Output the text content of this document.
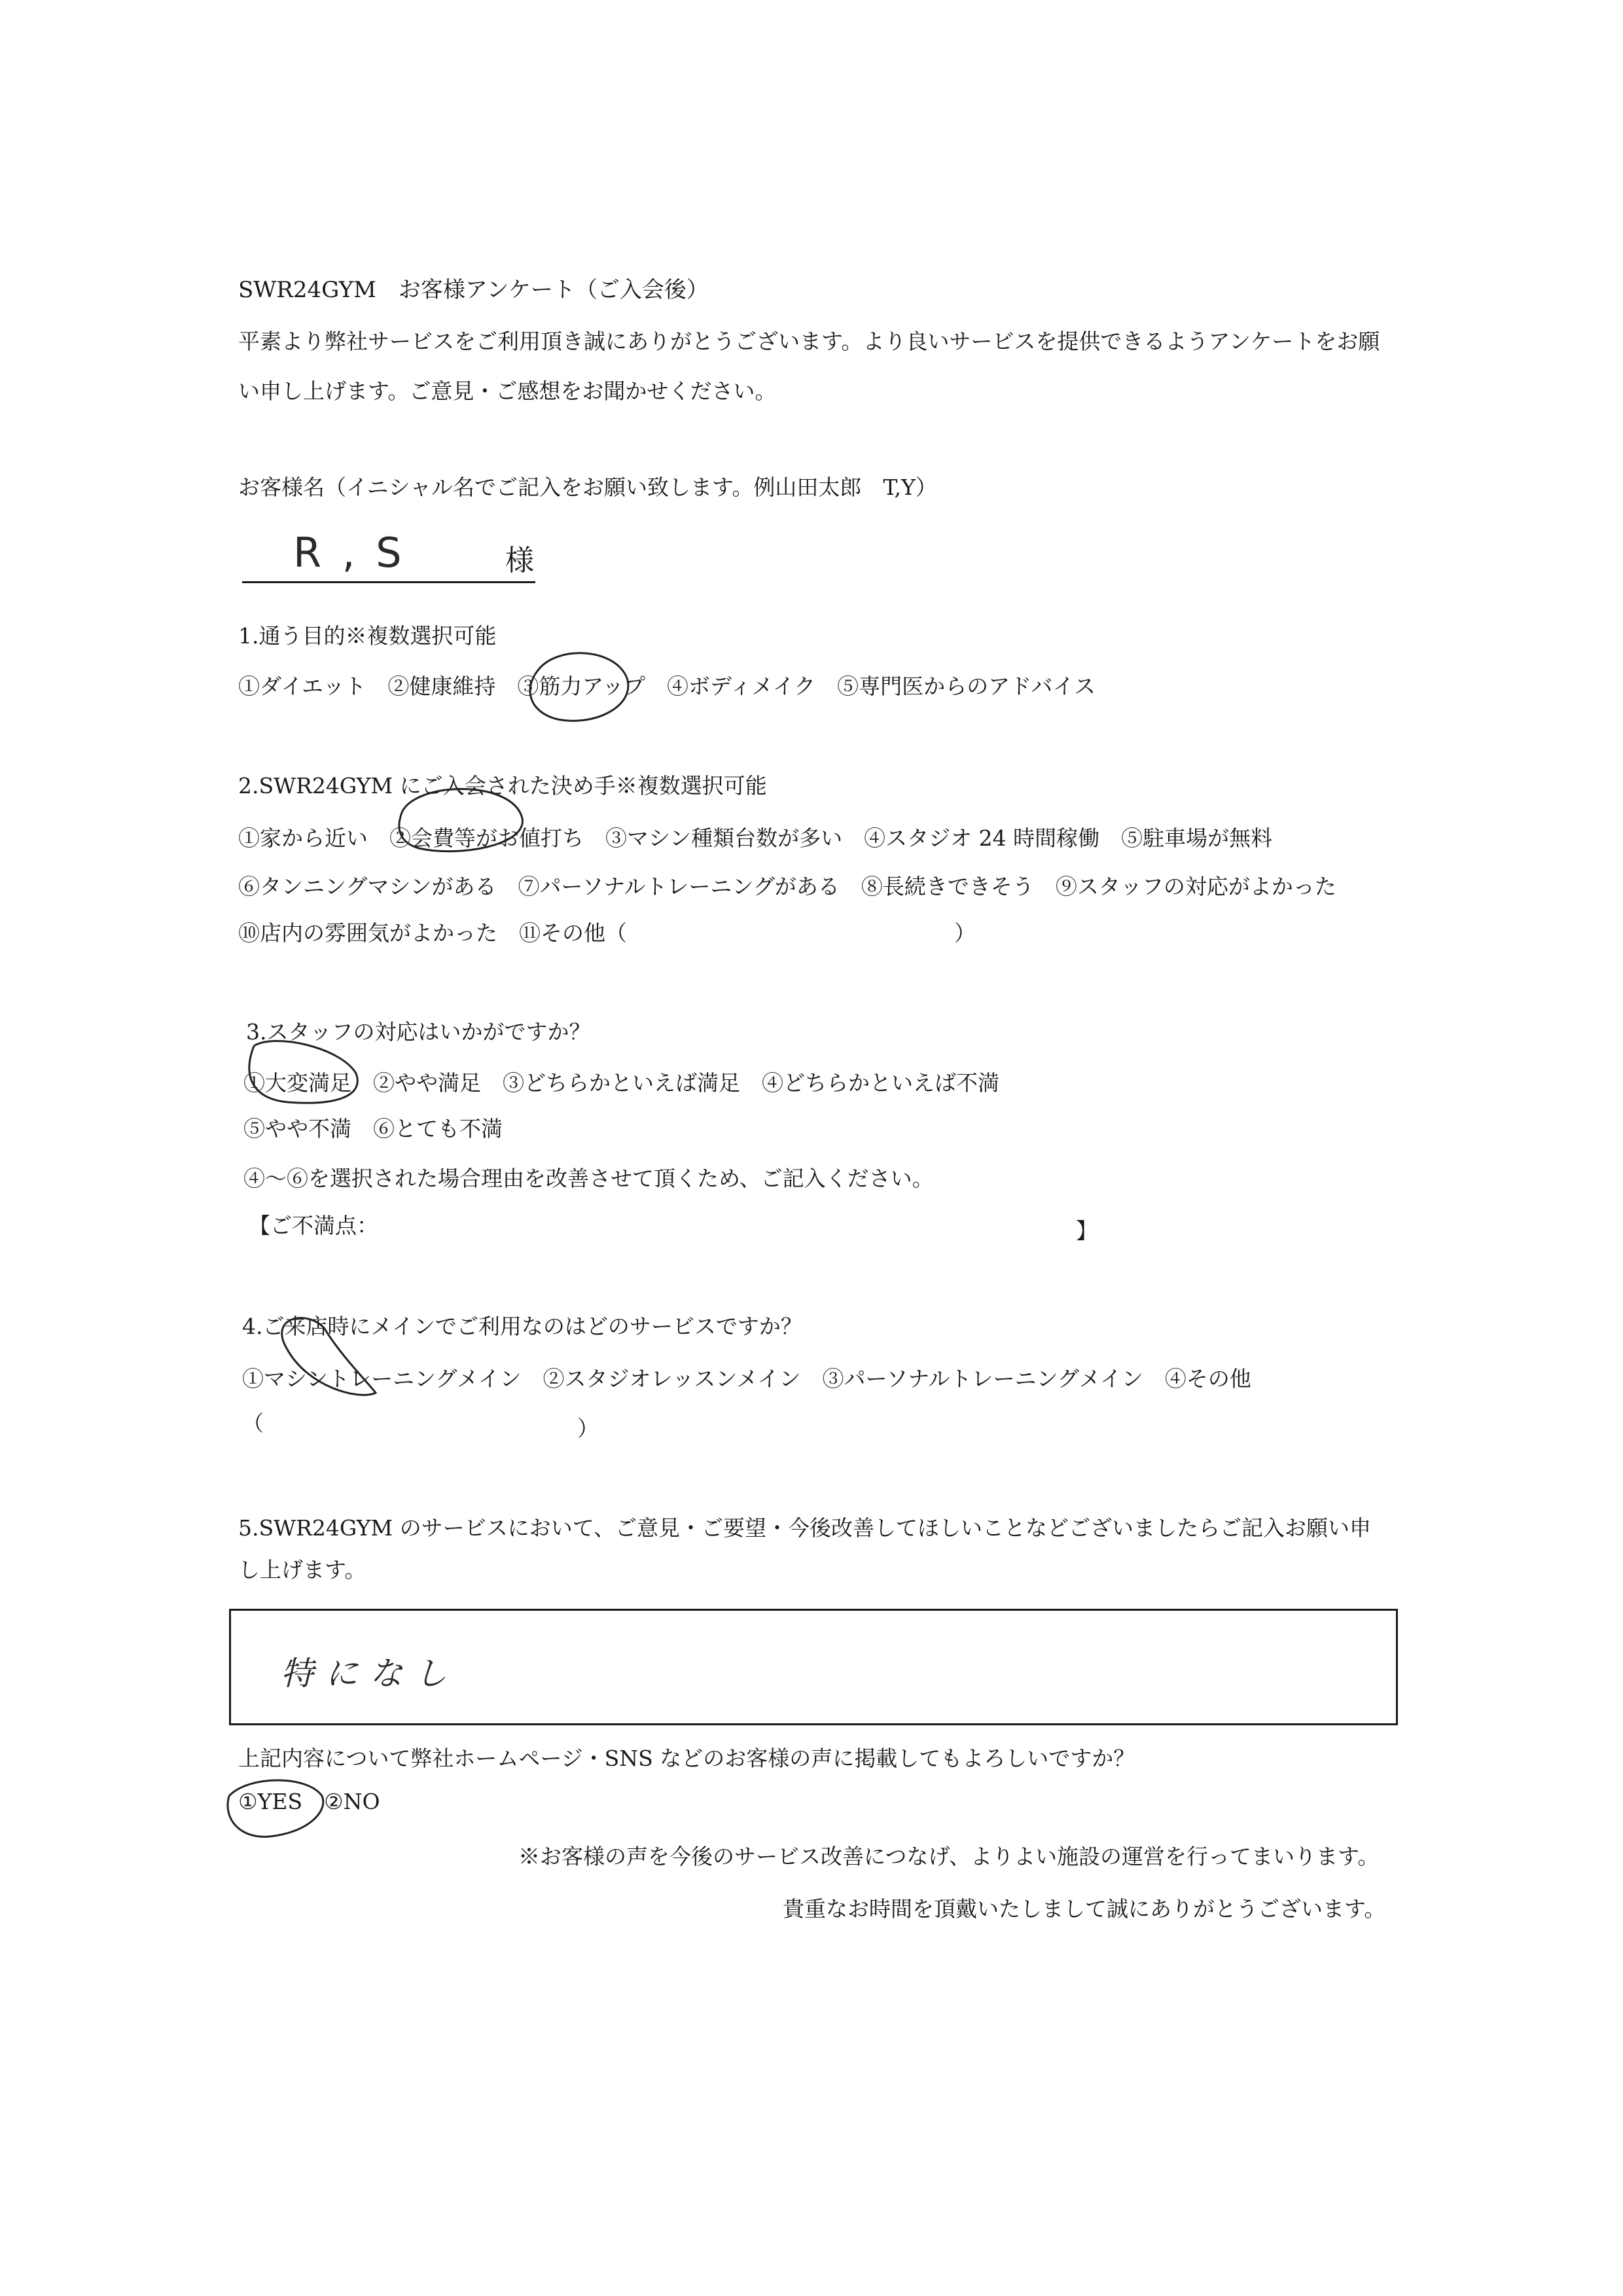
SWR24GYM　お客様アンケート（ご入会後）
平素より弊社サービスをご利用頂き誠にありがとうございます。より良いサービスを提供できるようアンケートをお願
い申し上げます。ご意見・ご感想をお聞かせください。
お客様名（イニシャル名でご記入をお願い致します。例山田太郎　T,Y）
R , S	様
1.通う目的※複数選択可能
①ダイエット　②健康維持　③筋力アップ　④ボディメイク　⑤専門医からのアドバイス
2.SWR24GYM にご入会された決め手※複数選択可能
①家から近い　②会費等がお値打ち　③マシン種類台数が多い　④スタジオ 24 時間稼働　⑤駐車場が無料
⑥タンニングマシンがある　⑦パーソナルトレーニングがある　⑧長続きできそう　⑨スタッフの対応がよかった
⑩店内の雰囲気がよかった　⑪その他（	）
3.スタッフの対応はいかがですか？
①大変満足　②やや満足　③どちらかといえば満足　④どちらかといえば不満
⑤やや不満　⑥とても不満
④～⑥を選択された場合理由を改善させて頂くため、ご記入ください。
【ご不満点：	】
4.ご来店時にメインでご利用なのはどのサービスですか？
①マシントレーニングメイン　②スタジオレッスンメイン　③パーソナルトレーニングメイン　④その他
（	）
5.SWR24GYM のサービスにおいて、ご意見・ご要望・今後改善してほしいことなどございましたらご記入お願い申
し上げます。
特になし
上記内容について弊社ホームページ・SNS などのお客様の声に掲載してもよろしいですか？
①YES　②NO
※お客様の声を今後のサービス改善につなげ、よりよい施設の運営を行ってまいります。
貴重なお時間を頂戴いたしまして誠にありがとうございます。
